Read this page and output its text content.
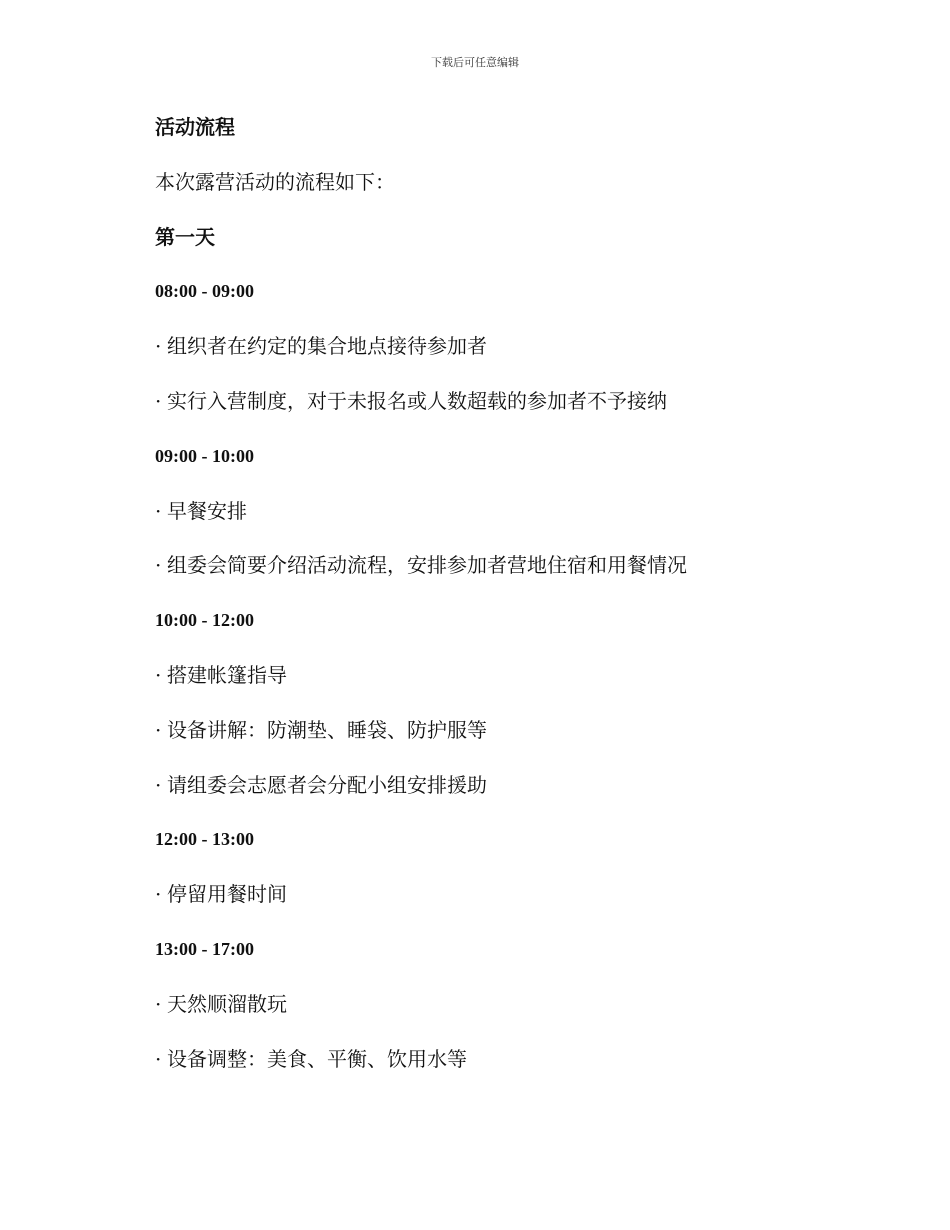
下载后可任意编辑
活动流程
本次露营活动的流程如下：
第一天
08:00 - 09:00
· 组织者在约定的集合地点接待参加者
· 实行入营制度，对于未报名或人数超载的参加者不予接纳
09:00 - 10:00
· 早餐安排
· 组委会简要介绍活动流程，安排参加者营地住宿和用餐情况
10:00 - 12:00
· 搭建帐篷指导
· 设备讲解：防潮垫、睡袋、防护服等
· 请组委会志愿者会分配小组安排援助
12:00 - 13:00
· 停留用餐时间
13:00 - 17:00
· 天然顺溜散玩
· 设备调整：美食、平衡、饮用水等
